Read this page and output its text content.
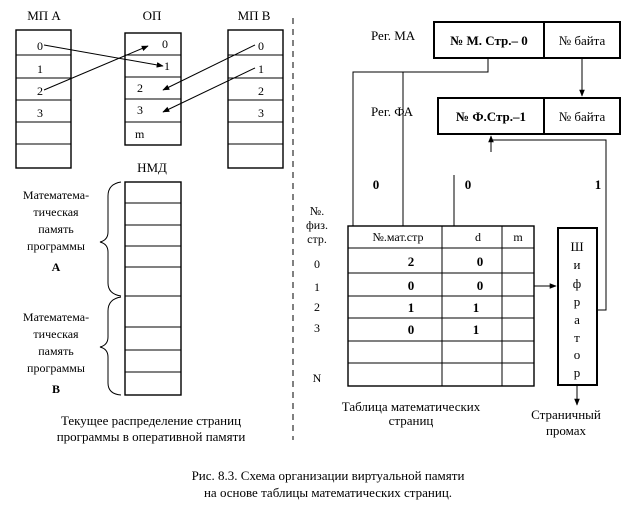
МП А
0
1
2
3
ОП
0
1
2
3
m
МП В
0
1
2
3
НМД
Математема-
тическая
память
программы
А
Математема-
тическая
память
программы
В
Текущее распределение страниц
программы в оперативной памяти
Рег. МА	№ М. Стр.– 0 № байта
Рег. ФА	№ Ф.Стр.–1	№ байта
0	0	1
№.
физ.
стр.
0
1
2
3
N
№.мат.стр	d	m
2	0
0	0
1	1
0	1
Ш
и
ф
р
а
т
о
р
Страничный
промах
Таблица математических
страниц
Рис. 8.3. Схема организации виртуальной памяти
на основе таблицы математических страниц.
